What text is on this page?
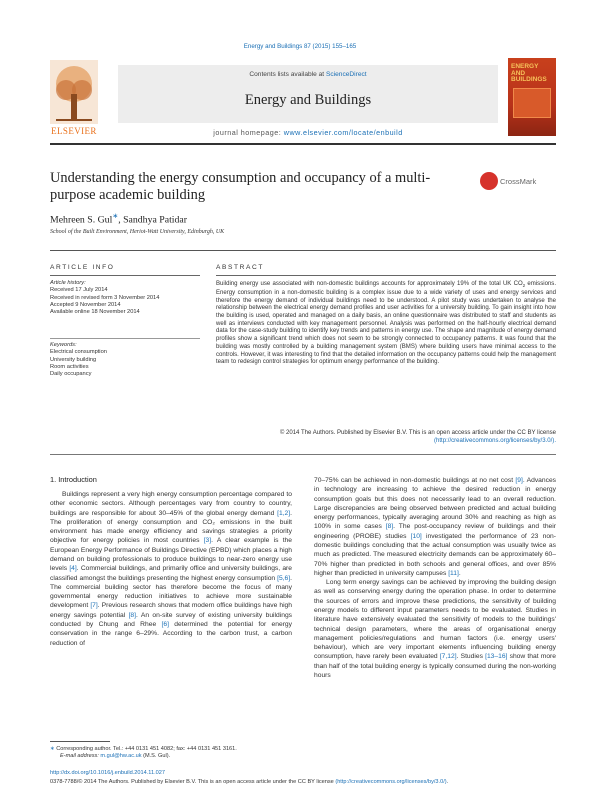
Energy and Buildings 87 (2015) 155–165
ELSEVIER
Contents lists available at ScienceDirect
Energy and Buildings
journal homepage: www.elsevier.com/locate/enbuild
ENERGY AND BUILDINGS
Understanding the energy consumption and occupancy of a multi-purpose academic building
CrossMark
Mehreen S. Gul∗, Sandhya Patidar
School of the Built Environment, Heriot-Watt University, Edinburgh, UK
ARTICLE INFO
Article history:
Received 17 July 2014
Received in revised form 3 November 2014
Accepted 9 November 2014
Available online 18 November 2014
Keywords:
Electrical consumption
University building
Room activities
Daily occupancy
ABSTRACT
Building energy use associated with non-domestic buildings accounts for approximately 19% of the total UK $CO_2$ emissions. Energy consumption in a non-domestic building is a complex issue due to a wide variety of uses and energy services and therefore the energy demand of individual buildings need to be understood. A pilot study was undertaken to analyse the relationship between the electrical energy demand profiles and user activities for a university building. To gain insight into how the building is used, operated and managed on a daily basis, an online questionnaire was distributed to staff and students as well as interviews conducted with key management personnel. Analysis was performed on the half-hourly electrical demand data for the case-study building to identify key trends and patterns in energy use. The shape and magnitude of energy demand profiles show a significant trend which does not seem to be strongly connected to occupancy patterns. It was found that the building was mostly controlled by a building management system (BMS) where building users have minimal access to the controls. However, it was interesting to find that the detailed information on the occupancy patterns could help the management team to redesign control strategies for optimum energy performance of the building.
© 2014 The Authors. Published by Elsevier B.V. This is an open access article under the CC BY license
(http://creativecommons.org/licenses/by/3.0/).
1. Introduction

Buildings represent a very high energy consumption percentage compared to other economic sectors. Although percentages vary from country to country, buildings are responsible for about 30–45% of the global energy demand [1,2]. The proliferation of energy consumption and CO₂ emissions in the built environment has made energy efficiency and savings strategies a priority objective for energy policies in most countries [3]. A clear example is the European Energy Performance of Buildings Directive (EPBD) which places a high demand on building professionals to produce buildings to near-zero energy use levels [4]. Commercial buildings, and primarily office and university buildings, are classified amongst the buildings presenting the highest energy consumption [5,6]. The commercial building sector has therefore become the focus of many governmental energy reduction initiatives to achieve more sustainable development [7]. Previous research shows that modern office buildings have high energy savings potential [8]. An on-site survey of existing university buildings conducted by Chung and Rhee [6] determined the potential for energy conservation in the range 6–29%. According to the carbon trust, a carbon reduction of

70–75% can be achieved in non-domestic buildings at no net cost [9]. Advances in technology are increasing to achieve the desired reduction in energy consumption goals but this does not necessarily lead to an overall reduction. Large discrepancies are being observed between predicted and actual building energy performances, typically averaging around 30% and reaching as high as 100% in some cases [8]. The post-occupancy review of buildings and their engineering (PROBE) studies [10] investigated the performance of 23 non-domestic buildings concluding that the actual consumption was usually twice as much as predicted. The measured electricity demands can be approximately 60–70% higher than predicted in both schools and general offices, and over 85% higher than predicted in university campuses [11].

Long term energy savings can be achieved by improving the building design as well as conserving energy during the operation phase. In order to determine the sources of errors and improve these predictions, the sensitivity of building energy models to different input parameters needs to be evaluated. Studies in literature have extensively evaluated the sensitivity of models to the buildings' technical design parameters, where the areas of organisational energy management policies/regulations and human factors (i.e. energy users' behaviour), which are very important elements influencing building energy consumption, have rarely been evaluated [7,12]. Studies [13–16] show that more than half of the total building energy is typically consumed during the non-working hours

∗ Corresponding author. Tel.: +44 0131 451 4082; fax: +44 0131 451 3161.
E-mail address: m.gul@hw.ac.uk (M.S. Gul).
http://dx.doi.org/10.1016/j.enbuild.2014.11.027
0378-7788/© 2014 The Authors. Published by Elsevier B.V. This is an open access article under the CC BY license (http://creativecommons.org/licenses/by/3.0/).
